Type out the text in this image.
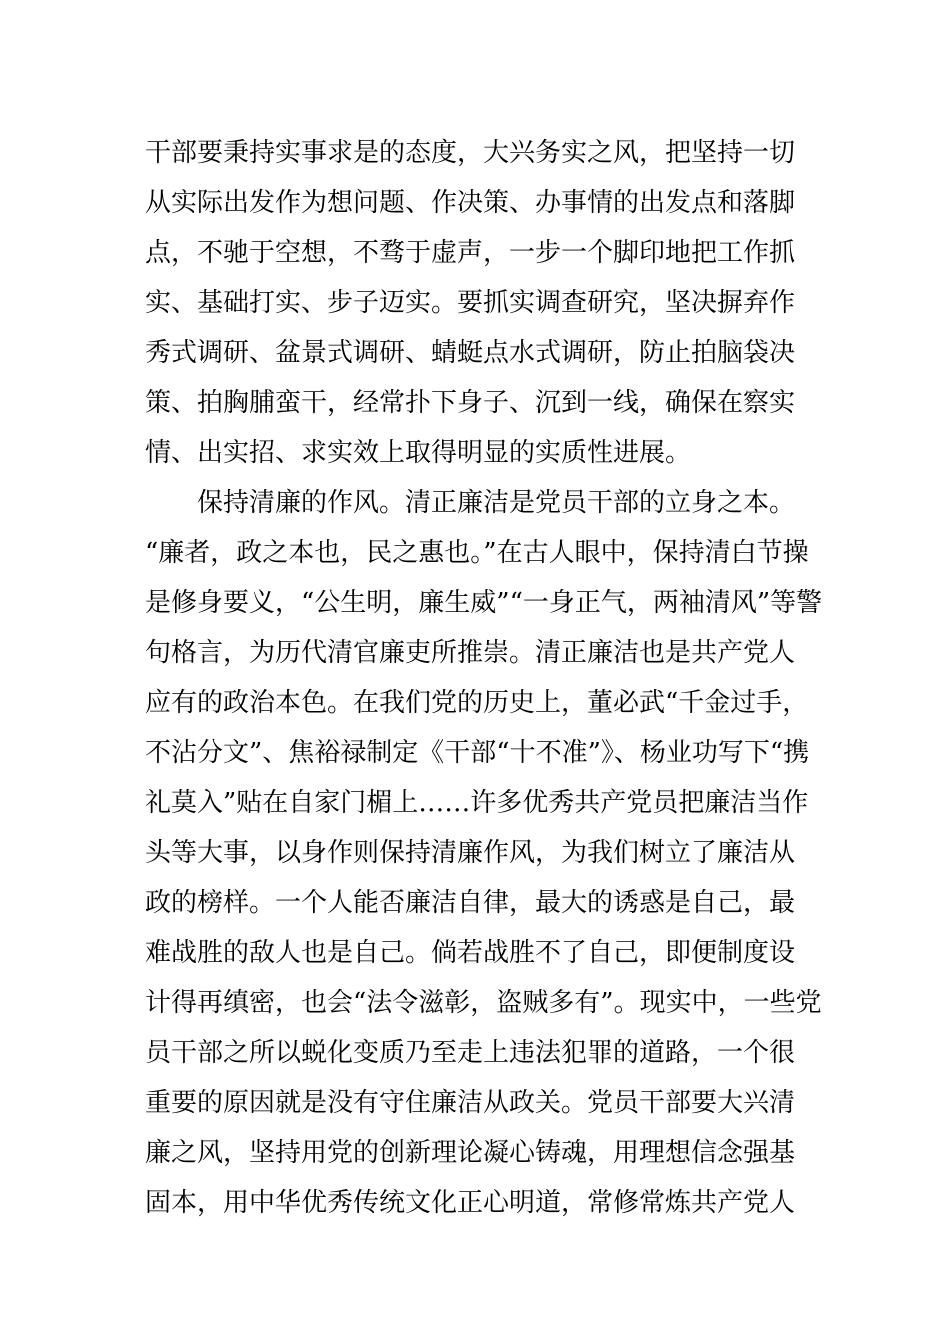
干部要秉持实事求是的态度，大兴务实之风，把坚持一切
从实际出发作为想问题、作决策、办事情的出发点和落脚
点，不驰于空想，不骛于虚声，一步一个脚印地把工作抓
实、基础打实、步子迈实。要抓实调查研究，坚决摒弃作
秀式调研、盆景式调研、蜻蜓点水式调研，防止拍脑袋决
策、拍胸脯蛮干，经常扑下身子、沉到一线，确保在察实
情、出实招、求实效上取得明显的实质性进展。
保持清廉的作风。清正廉洁是党员干部的立身之本。
“廉者，政之本也，民之惠也。”在古人眼中，保持清白节操
是修身要义，“公生明，廉生威”“一身正气，两袖清风”等警
句格言，为历代清官廉吏所推崇。清正廉洁也是共产党人
应有的政治本色。在我们党的历史上，董必武“千金过手，
不沾分文”、焦裕禄制定《干部“十不准”》、杨业功写下“携
礼莫入”贴在自家门楣上……许多优秀共产党员把廉洁当作
头等大事，以身作则保持清廉作风，为我们树立了廉洁从
政的榜样。一个人能否廉洁自律，最大的诱惑是自己，最
难战胜的敌人也是自己。倘若战胜不了自己，即便制度设
计得再缜密，也会“法令滋彰，盗贼多有”。现实中，一些党
员干部之所以蜕化变质乃至走上违法犯罪的道路，一个很
重要的原因就是没有守住廉洁从政关。党员干部要大兴清
廉之风，坚持用党的创新理论凝心铸魂，用理想信念强基
固本，用中华优秀传统文化正心明道，常修常炼共产党人
